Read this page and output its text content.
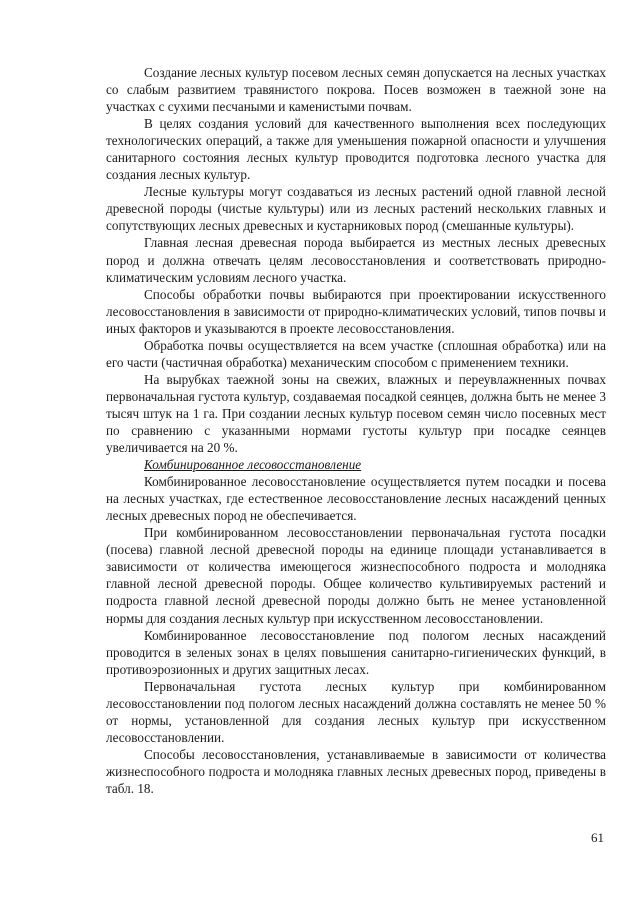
Создание лесных культур посевом лесных семян допускается на лесных участках со слабым развитием травянистого покрова. Посев возможен в таежной зоне на участках с сухими песчаными и каменистыми почвам.

В целях создания условий для качественного выполнения всех последующих технологических операций, а также для уменьшения пожарной опасности и улучшения санитарного состояния лесных культур проводится подготовка лесного участка для создания лесных культур.

Лесные культуры могут создаваться из лесных растений одной главной лесной древесной породы (чистые культуры) или из лесных растений нескольких главных и сопутствующих лесных древесных и кустарниковых пород (смешанные культуры).

Главная лесная древесная порода выбирается из местных лесных древесных пород и должна отвечать целям лесовосстановления и соответствовать природно-климатическим условиям лесного участка.

Способы обработки почвы выбираются при проектировании искусственного лесовосстановления в зависимости от природно-климатических условий, типов почвы и иных факторов и указываются в проекте лесовосстановления.

Обработка почвы осуществляется на всем участке (сплошная обработка) или на его части (частичная обработка) механическим способом с применением техники.

На вырубках таежной зоны на свежих, влажных и переувлажненных почвах первоначальная густота культур, создаваемая посадкой сеянцев, должна быть не менее 3 тысяч штук на 1 га. При создании лесных культур посевом семян число посевных мест по сравнению с указанными нормами густоты культур при посадке сеянцев увеличивается на 20 %.

Комбинированное лесовосстановление

Комбинированное лесовосстановление осуществляется путем посадки и посева на лесных участках, где естественное лесовосстановление лесных насаждений ценных лесных древесных пород не обеспечивается.

При комбинированном лесовосстановлении первоначальная густота посадки (посева) главной лесной древесной породы на единице площади устанавливается в зависимости от количества имеющегося жизнеспособного подроста и молодняка главной лесной древесной породы. Общее количество культивируемых растений и подроста главной лесной древесной породы должно быть не менее установленной нормы для создания лесных культур при искусственном лесовосстановлении.

Комбинированное лесовосстановление под пологом лесных насаждений проводится в зеленых зонах в целях повышения санитарно-гигиенических функций, в противоэрозионных и других защитных лесах.

Первоначальная густота лесных культур при комбинированном лесовосстановлении под пологом лесных насаждений должна составлять не менее 50 % от нормы, установленной для создания лесных культур при искусственном лесовосстановлении.

Способы лесовосстановления, устанавливаемые в зависимости от количества жизнеспособного подроста и молодняка главных лесных древесных пород, приведены в табл. 18.

61
